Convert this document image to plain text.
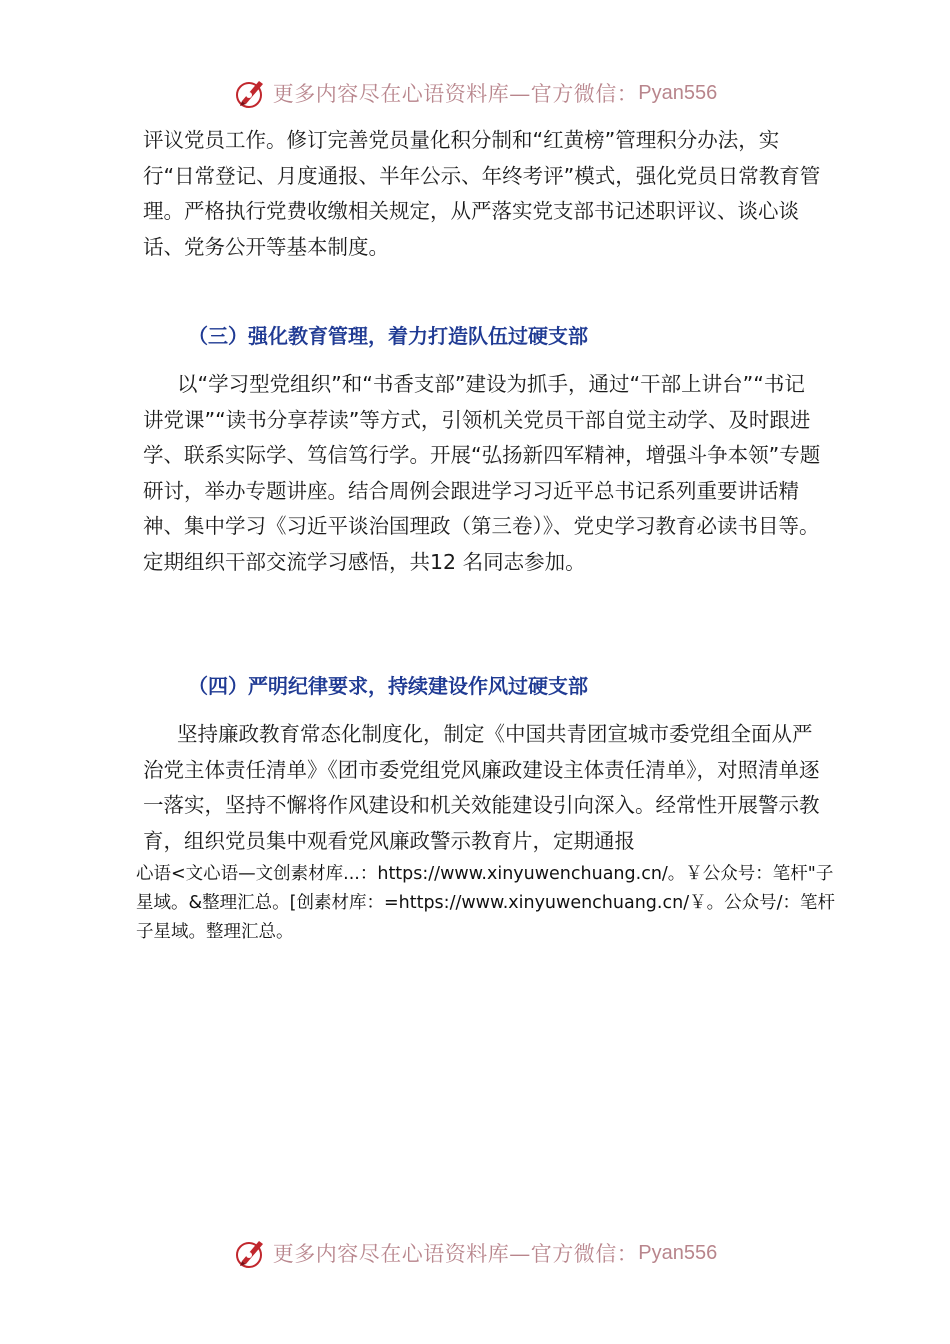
更多内容尽在心语资料库—官方微信： Pyan556

评议党员工作。修订完善党员量化积分制和“红黄榜”管理积分办法，实行“日常登记、月度通报、半年公示、年终考评”模式，强化党员日常教育管理。严格执行党费收缴相关规定，从严落实党支部书记述职评议、谈心谈话、党务公开等基本制度。

（三）强化教育管理，着力打造队伍过硬支部

以“学习型党组织”和“书香支部”建设为抓手，通过“干部上讲台”“书记讲党课”“读书分享荐读”等方式，引领机关党员干部自觉主动学、及时跟进学、联系实际学、笃信笃行学。开展“弘扬新四军精神，增强斗争本领”专题研讨，举办专题讲座。结合周例会跟进学习习近平总书记系列重要讲话精神、集中学习《习近平谈治国理政（第三卷）》、党史学习教育必读书目等。定期组织干部交流学习感悟，共12 名同志参加。

（四）严明纪律要求，持续建设作风过硬支部

坚持廉政教育常态化制度化，制定《中国共青团宣城市委党组全面从严治党主体责任清单》《团市委党组党风廉政建设主体责任清单》，对照清单逐一落实，坚持不懈将作风建设和机关效能建设引向深入。经常性开展警示教育，组织党员集中观看党风廉政警示教育片，定期通报

心语<文心语—文创素材库...：https://www.xinyuwenchuang.cn/。￥公众号：笔杆"子星域。&整理汇总。[创素材库：=https://www.xinyuwenchuang.cn/￥。公众号/：笔杆子星域。整理汇总。

更多内容尽在心语资料库—官方微信： Pyan556
